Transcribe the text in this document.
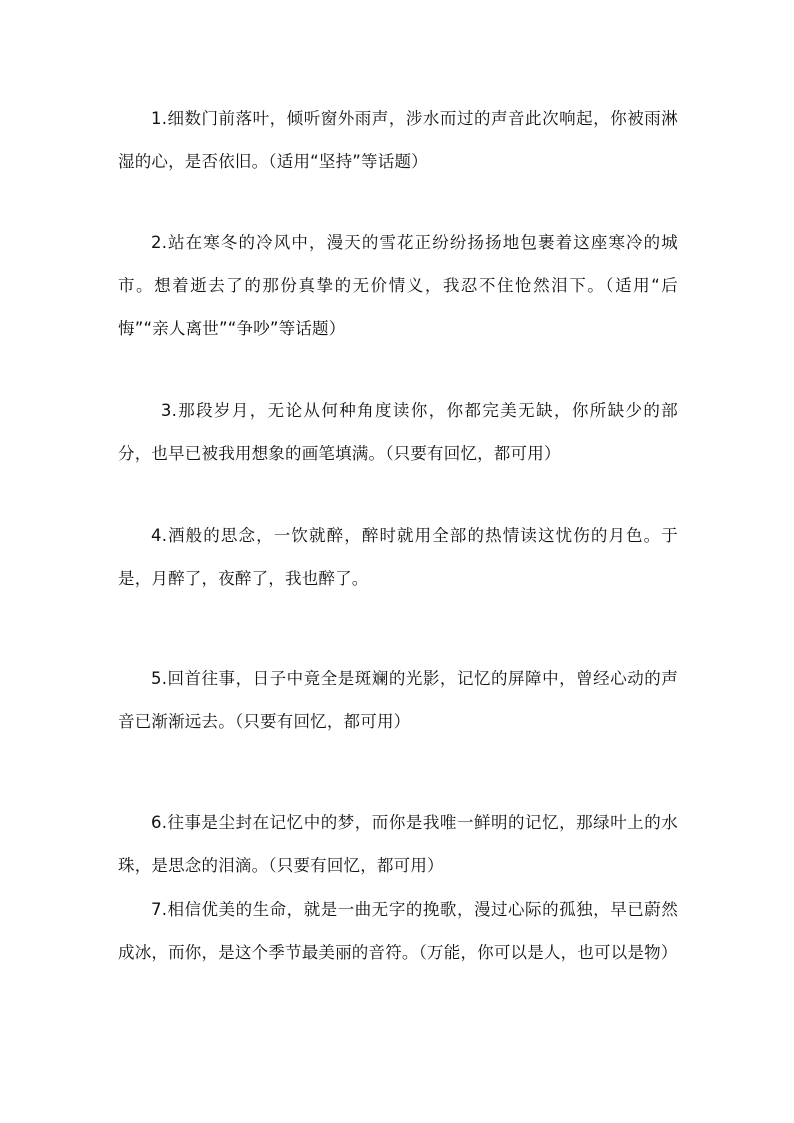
1.细数门前落叶，倾听窗外雨声，涉水而过的声音此次响起，你被雨淋湿的心，是否依旧。（适用“坚持”等话题）

2.站在寒冬的冷风中，漫天的雪花正纷纷扬扬地包裹着这座寒冷的城市。想着逝去了的那份真挚的无价情义，我忍不住怆然泪下。（适用“后悔”“亲人离世”“争吵”等话题）

3.那段岁月，无论从何种角度读你，你都完美无缺，你所缺少的部分，也早已被我用想象的画笔填满。（只要有回忆，都可用）

4.酒般的思念，一饮就醉，醉时就用全部的热情读这忧伤的月色。于是，月醉了，夜醉了，我也醉了。

5.回首往事，日子中竟全是斑斓的光影，记忆的屏障中，曾经心动的声音已渐渐远去。（只要有回忆，都可用）

6.往事是尘封在记忆中的梦，而你是我唯一鲜明的记忆，那绿叶上的水珠，是思念的泪滴。（只要有回忆，都可用）

7.相信优美的生命，就是一曲无字的挽歌，漫过心际的孤独，早已蔚然成冰，而你，是这个季节最美丽的音符。（万能，你可以是人，也可以是物）
